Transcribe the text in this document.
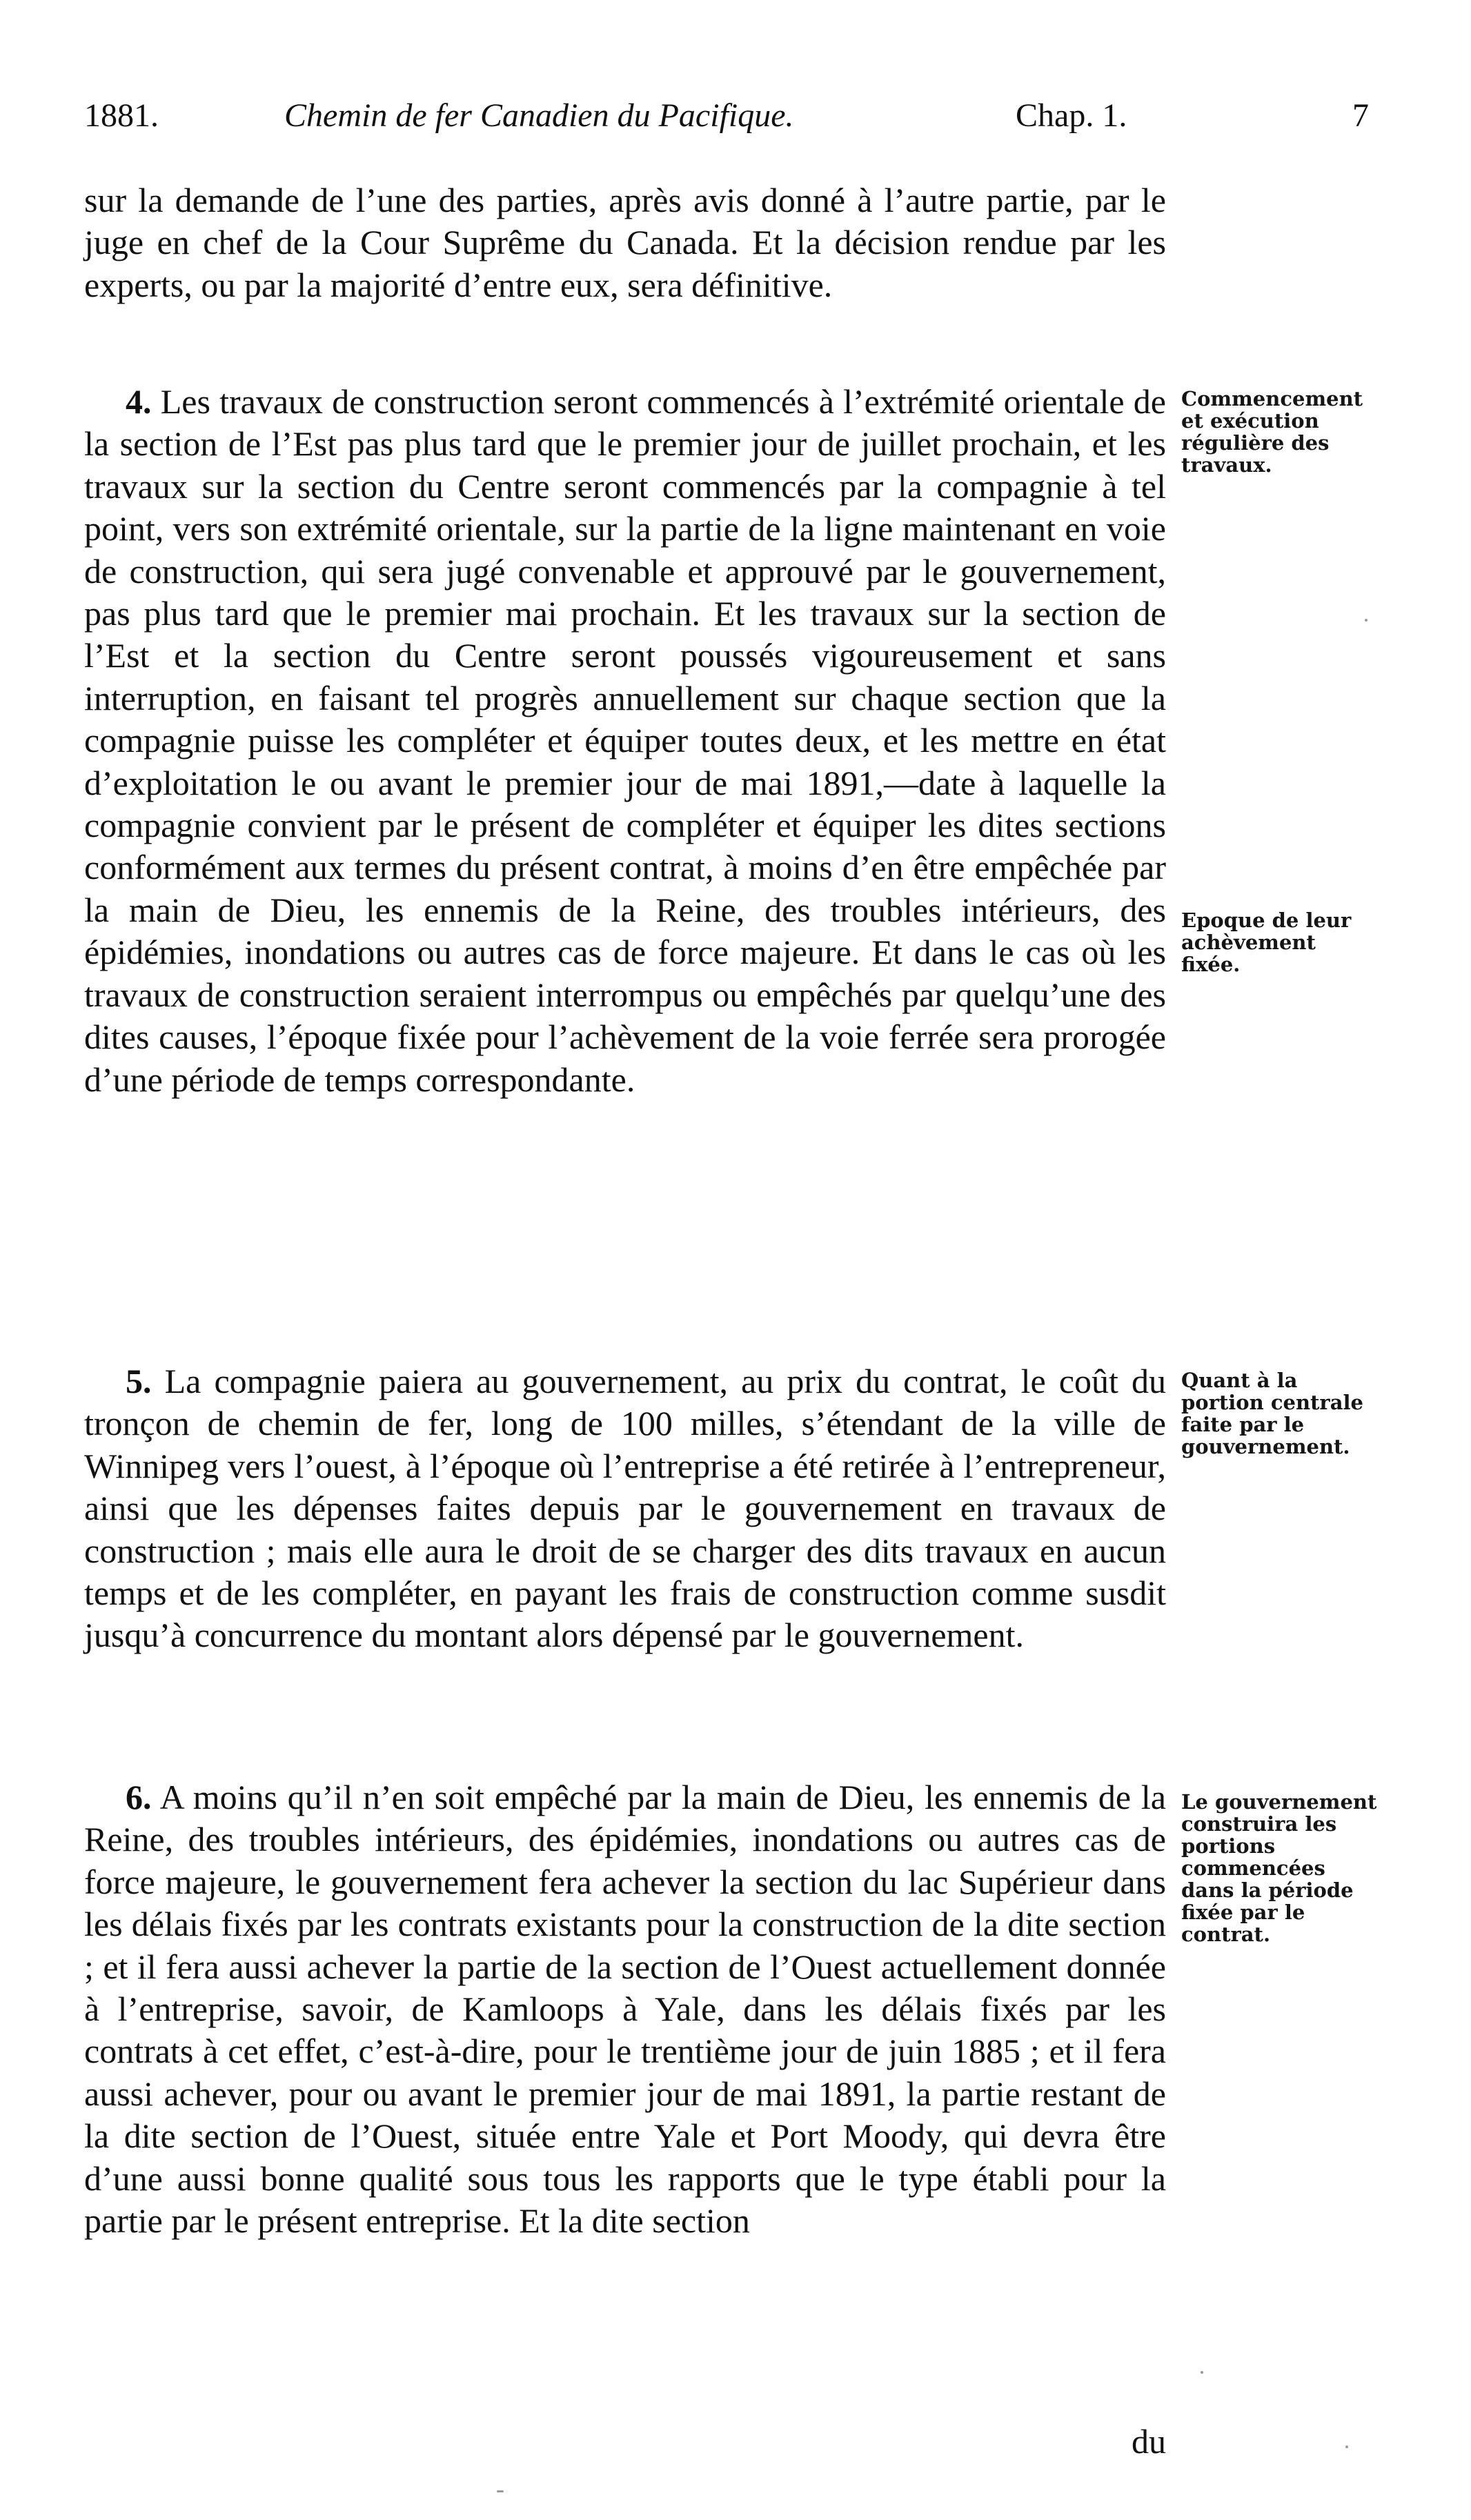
1881.	Chemin de fer Canadien du Pacifique.	Chap. 1.	7

sur la demande de l’une des parties, après avis donné à l’autre partie, par le juge en chef de la Cour Suprême du Canada. Et la décision rendue par les experts, ou par la majorité d’entre eux, sera définitive.

4. Les travaux de construction seront commencés à l’extrémité orientale de la section de l’Est pas plus tard que le premier jour de juillet prochain, et les travaux sur la section du Centre seront commencés par la compagnie à tel point, vers son extrémité orientale, sur la partie de la ligne maintenant en voie de construction, qui sera jugé convenable et approuvé par le gouvernement, pas plus tard que le premier mai prochain. Et les travaux sur la section de l’Est et la section du Centre seront poussés vigoureusement et sans interruption, en faisant tel progrès annuellement sur chaque section que la compagnie puisse les compléter et équiper toutes deux, et les mettre en état d’exploitation le ou avant le premier jour de mai 1891,—date à laquelle la compagnie convient par le présent de compléter et équiper les dites sections conformément aux termes du présent contrat, à moins d’en être empêchée par la main de Dieu, les ennemis de la Reine, des troubles intérieurs, des épidémies, inondations ou autres cas de force majeure. Et dans le cas où les travaux de construction seraient interrompus ou empêchés par quelqu’une des dites causes, l’époque fixée pour l’achèvement de la voie ferrée sera prorogée d’une période de temps correspondante.

5. La compagnie paiera au gouvernement, au prix du contrat, le coût du tronçon de chemin de fer, long de 100 milles, s’étendant de la ville de Winnipeg vers l’ouest, à l’époque où l’entreprise a été retirée à l’entrepreneur, ainsi que les dépenses faites depuis par le gouvernement en travaux de construction ; mais elle aura le droit de se charger des dits travaux en aucun temps et de les compléter, en payant les frais de construction comme susdit jusqu’à concurrence du montant alors dépensé par le gouvernement.

6. A moins qu’il n’en soit empêché par la main de Dieu, les ennemis de la Reine, des troubles intérieurs, des épidémies, inondations ou autres cas de force majeure, le gouvernement fera achever la section du lac Supérieur dans les délais fixés par les contrats existants pour la construction de la dite section ; et il fera aussi achever la partie de la section de l’Ouest actuellement donnée à l’entreprise, savoir, de Kamloops à Yale, dans les délais fixés par les contrats à cet effet, c’est-à-dire, pour le trentième jour de juin 1885 ; et il fera aussi achever, pour ou avant le premier jour de mai 1891, la partie restant de la dite section de l’Ouest, située entre Yale et Port Moody, qui devra être d’une aussi bonne qualité sous tous les rapports que le type établi pour la partie par le présent entreprise. Et la dite section

du
Commencement et exécution régulière des travaux.
Epoque de leur achèvement fixée.
Quant à la portion centrale faite par le gouvernement.
Le gouvernement construira les portions commencées dans la période fixée par le contrat.
